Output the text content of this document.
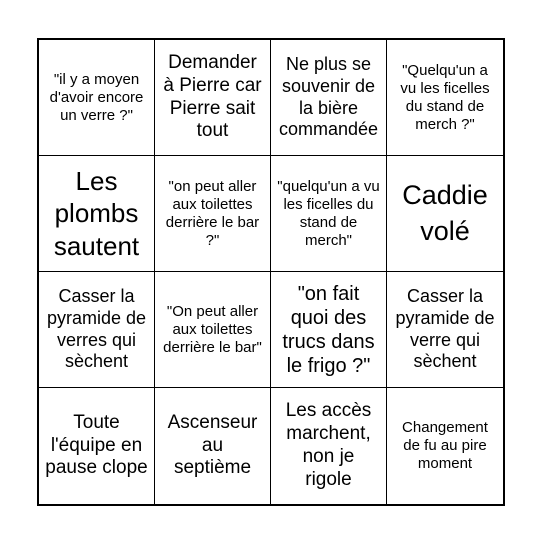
"il y a moyen d'avoir encore un verre ?"
Demander à Pierre car Pierre sait tout
Ne plus se souvenir de la bière commandée
"Quelqu'un a vu les ficelles du stand de merch ?"
Les plombs sautent
"on peut aller aux toilettes derrière le bar ?"
"quelqu'un a vu les ficelles du stand de merch"
Caddie volé
Casser la pyramide de verres qui sèchent
"On peut aller aux toilettes derrière le bar"
"on fait quoi des trucs dans le frigo ?"
Casser la pyramide de verre qui sèchent
Toute l'équipe en pause clope
Ascenseur au septième
Les accès marchent, non je rigole
Changement de fu au pire moment
